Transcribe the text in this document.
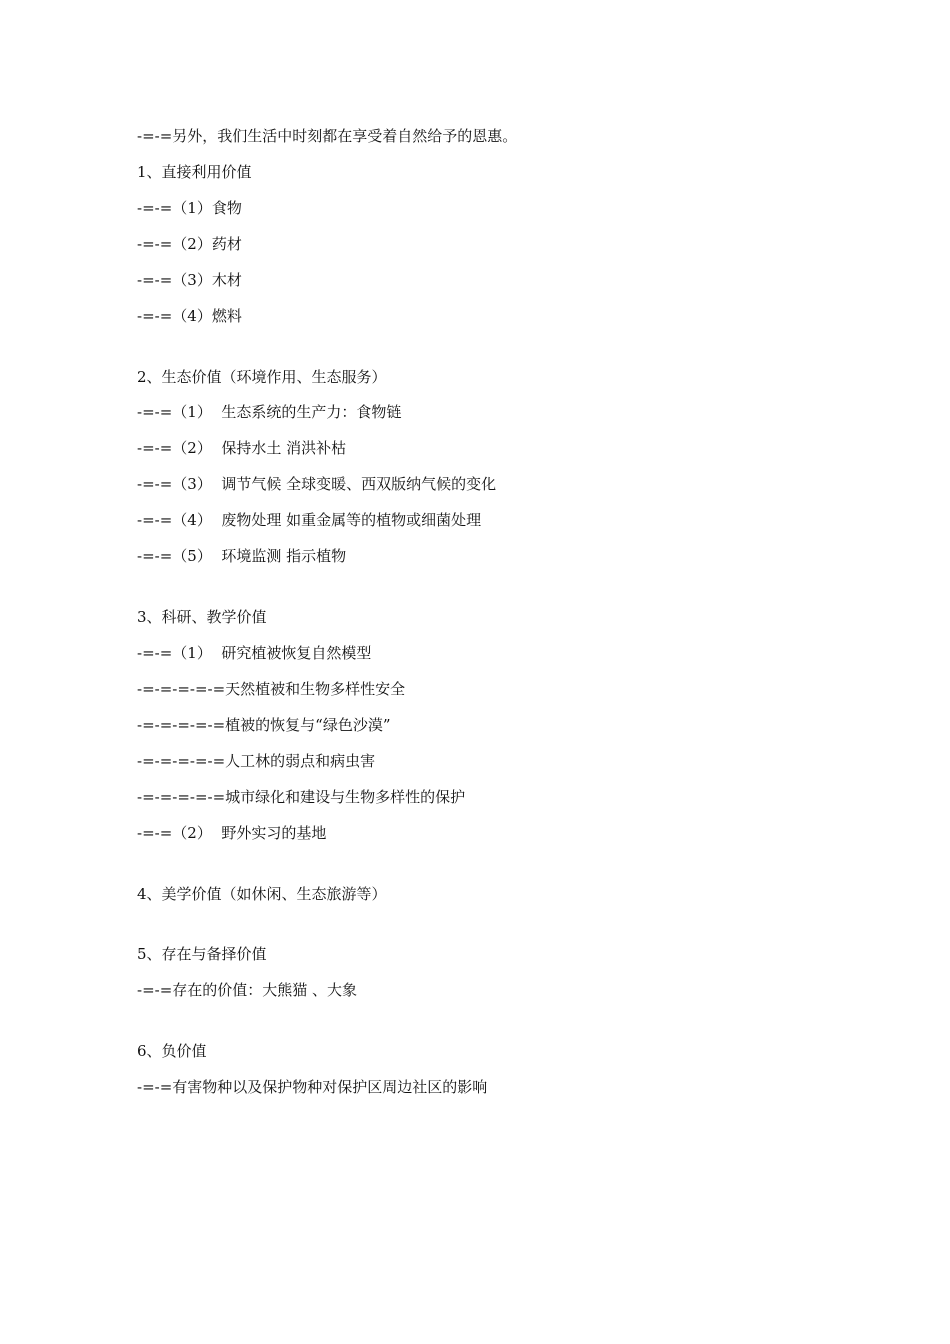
-=-=另外，我们生活中时刻都在享受着自然给予的恩惠。
1、直接利用价值
-=-=（1）食物
-=-=（2）药材
-=-=（3）木材
-=-=（4）燃料
2、生态价值（环境作用、生态服务）
-=-=（1）  生态系统的生产力：食物链
-=-=（2）  保持水土 消洪补枯
-=-=（3）  调节气候 全球变暖、西双版纳气候的变化
-=-=（4）  废物处理 如重金属等的植物或细菌处理
-=-=（5）  环境监测 指示植物
3、科研、教学价值
-=-=（1）  研究植被恢复自然模型
-=-=-=-=-=天然植被和生物多样性安全
-=-=-=-=-=植被的恢复与“绿色沙漠”
-=-=-=-=-=人工林的弱点和病虫害
-=-=-=-=-=城市绿化和建设与生物多样性的保护
-=-=（2）  野外实习的基地
4、美学价值（如休闲、生态旅游等）
5、存在与备择价值
-=-=存在的价值：大熊猫 、大象
6、负价值
-=-=有害物种以及保护物种对保护区周边社区的影响
